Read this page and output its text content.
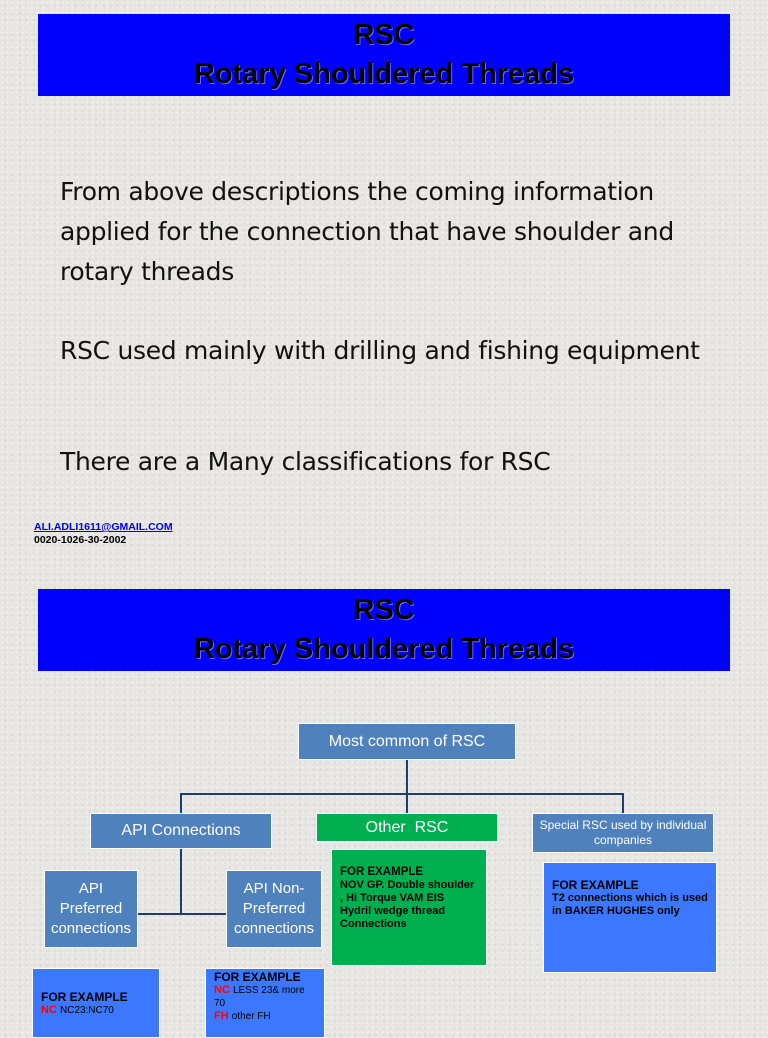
RSC
Rotary Shouldered Threads
From above descriptions the coming information applied for the connection that have shoulder and rotary threads
RSC used mainly with drilling and fishing equipment
There are a Many classifications for RSC
ALI.ADLI1611@GMAIL.COM
0020-1026-30-2002
RSC
Rotary Shouldered Threads
Most common of RSC
API Connections	Other  RSC	Special RSC used by individual companies
API Preferred connections
API Non-Preferred connections
FOR EXAMPLE
NOV GP. Double shoulder , Hi Torque VAM EIS Hydril wedge thread Connections
FOR EXAMPLE
T2 connections which is used in BAKER HUGHES only
FOR EXAMPLE
NC NC23:NC70
FOR EXAMPLE
NC LESS 23& more 70
FH other FH
